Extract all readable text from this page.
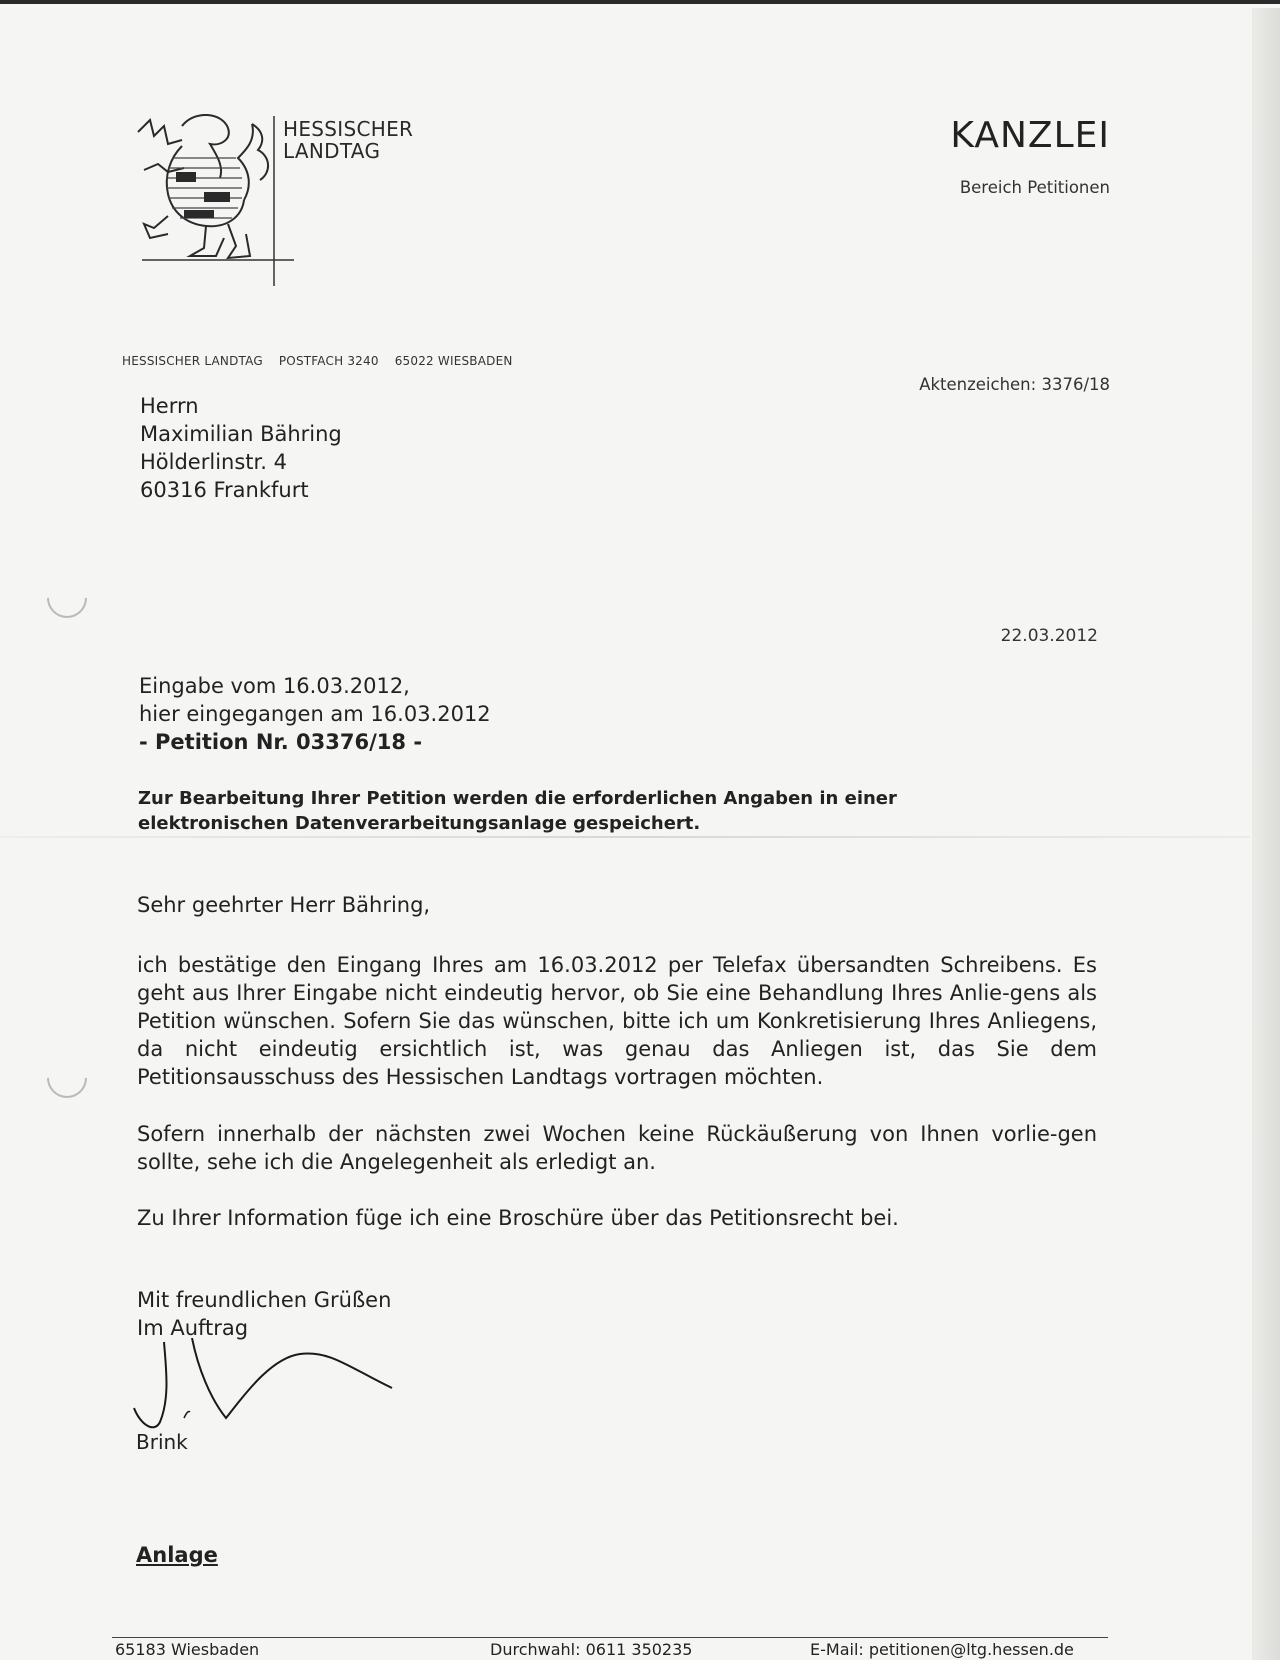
HESSISCHER
LANDTAG	KANZLEI
Bereich Petitionen
HESSISCHER LANDTAG    POSTFACH 3240    65022 WIESBADEN
Aktenzeichen: 3376/18
Herrn
Maximilian Bähring
Hölderlinstr. 4
60316 Frankfurt
22.03.2012
Eingabe vom 16.03.2012,
hier eingegangen am 16.03.2012
- Petition Nr. 03376/18 -
Zur Bearbeitung Ihrer Petition werden die erforderlichen Angaben in einer
elektronischen Datenverarbeitungsanlage gespeichert.
Sehr geehrter Herr Bähring,
ich bestätige den Eingang Ihres am 16.03.2012 per Telefax übersandten Schreibens. Es geht aus Ihrer Eingabe nicht eindeutig hervor, ob Sie eine Behandlung Ihres Anlie-gens als Petition wünschen. Sofern Sie das wünschen, bitte ich um Konkretisierung Ihres Anliegens, da nicht eindeutig ersichtlich ist, was genau das Anliegen ist, das Sie dem Petitionsausschuss des Hessischen Landtags vortragen möchten.
Sofern innerhalb der nächsten zwei Wochen keine Rückäußerung von Ihnen vorlie-gen sollte, sehe ich die Angelegenheit als erledigt an.
Zu Ihrer Information füge ich eine Broschüre über das Petitionsrecht bei.
Mit freundlichen Grüßen
Im Auftrag
Brink
Anlage
65183 Wiesbaden	Durchwahl: 0611 350235	E-Mail: petitionen@ltg.hessen.de
